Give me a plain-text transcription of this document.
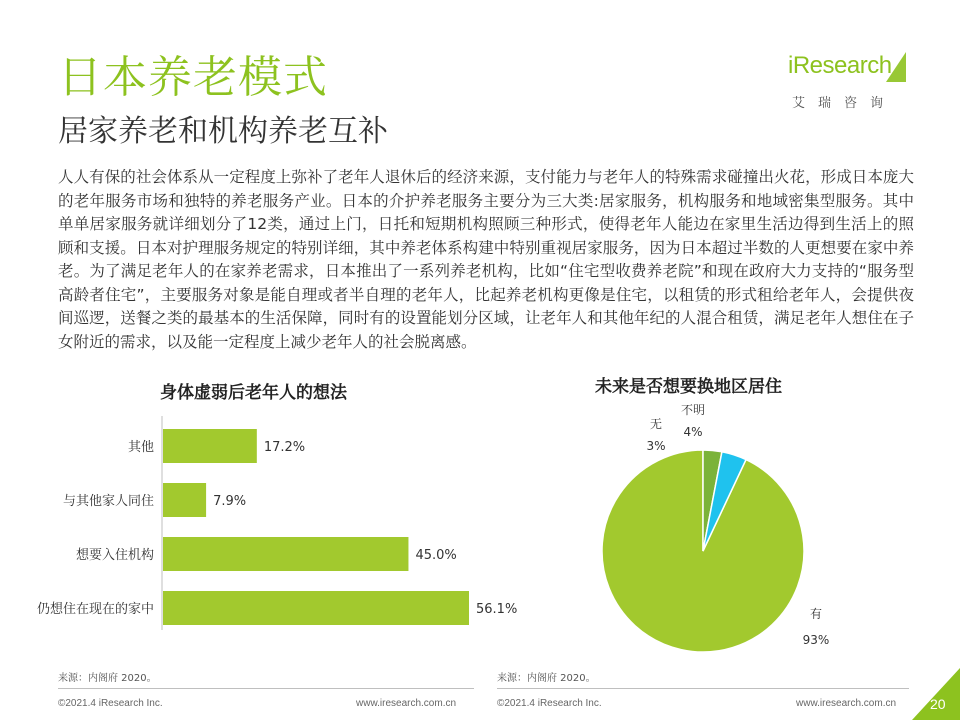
日本养老模式
居家养老和机构养老互补
iResearch
艾瑞咨询
人人有保的社会体系从一定程度上弥补了老年人退休后的经济来源，支付能力与老年人的特殊需求碰撞出火花，形成日本庞大的老年服务市场和独特的养老服务产业。日本的介护养老服务主要分为三大类:居家服务，机构服务和地域密集型服务。其中单单居家服务就详细划分了12类，通过上门，日托和短期机构照顾三种形式，使得老年人能边在家里生活边得到生活上的照顾和支援。日本对护理服务规定的特别详细，其中养老体系构建中特别重视居家服务，因为日本超过半数的人更想要在家中养老。为了满足老年人的在家养老需求，日本推出了一系列养老机构，比如“住宅型收费养老院”和现在政府大力支持的“服务型高龄者住宅”，主要服务对象是能自理或者半自理的老年人，比起养老机构更像是住宅，以租赁的形式租给老年人，会提供夜间巡逻，送餐之类的最基本的生活保障，同时有的设置能划分区域，让老年人和其他年纪的人混合租赁，满足老年人想住在子女附近的需求，以及能一定程度上减少老年人的社会脱离感。
身体虚弱后老年人的想法	未来是否想要换地区居住
其他	17.2%
与其他家人同住	7.9%
想要入住机构	45.0%
仍想住在现在的家中	56.1%	有
93%
无
3%
不明
4%
来源：内阁府 2020。	来源：内阁府 2020。
©2021.4 iResearch Inc.	www.iresearch.com.cn	©2021.4 iResearch Inc.	www.iresearch.com.cn 20
